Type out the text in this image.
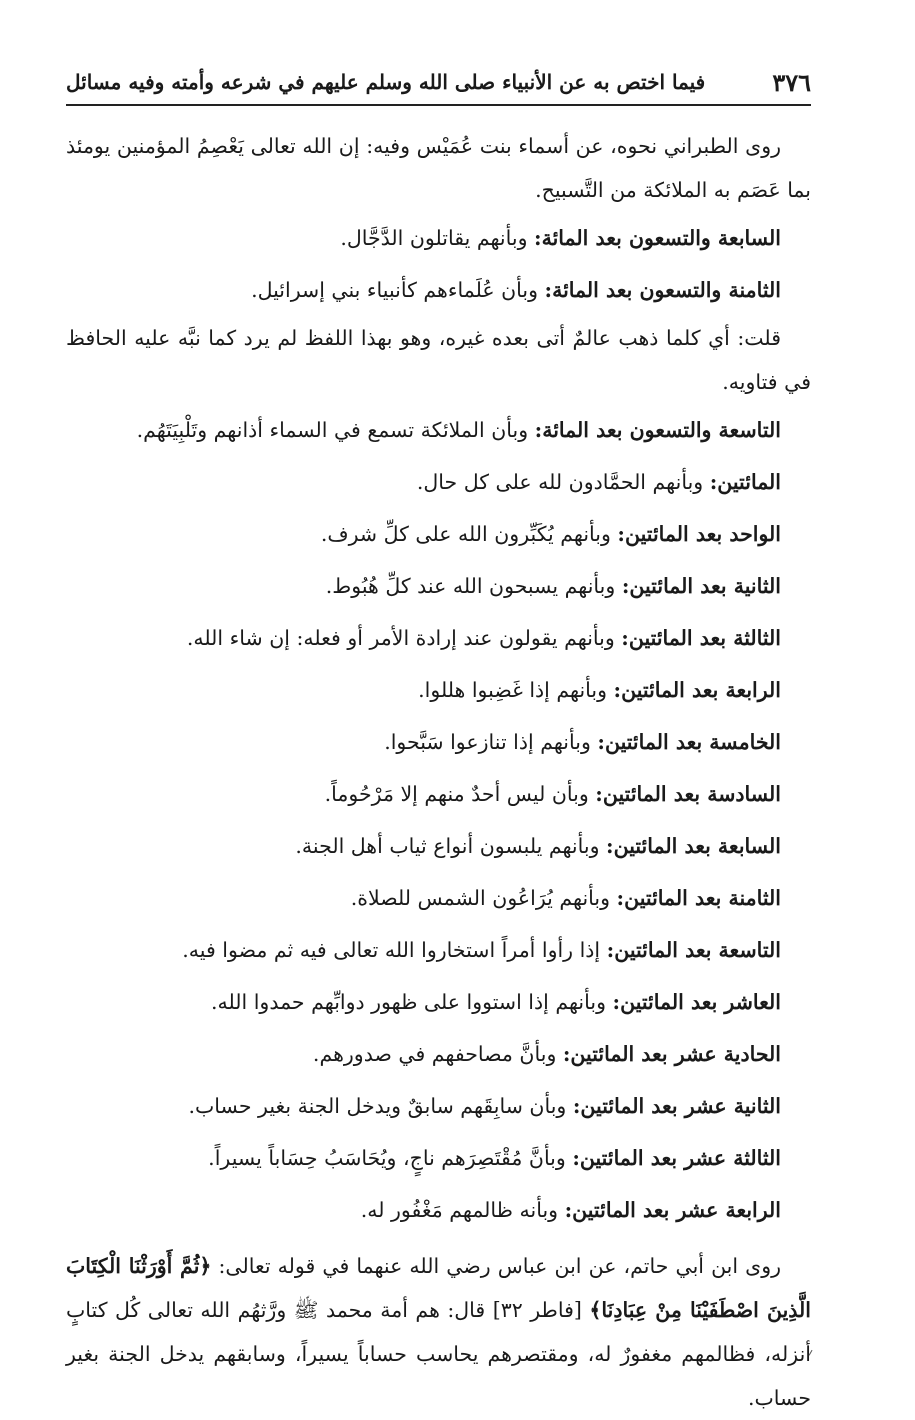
٣٧٦
فيما اختص به عن الأنبياء صلى الله وسلم عليهم في شرعه وأمته وفيه مسائل

روى الطبراني نحوه، عن أسماء بنت عُمَيْس وفيه: إن الله تعالى يَعْصِمُ المؤمنين يومئذ بما عَصَم به الملائكة من التَّسبيح.

السابعة والتسعون بعد المائة: وبأنهم يقاتلون الدَّجَّال.

الثامنة والتسعون بعد المائة: وبأن عُلَماءهم كأنبياء بني إسرائيل.

قلت: أي كلما ذهب عالمٌ أتى بعده غيره، وهو بهذا اللفظ لم يرد كما نبَّه عليه الحافظ في فتاويه.

التاسعة والتسعون بعد المائة: وبأن الملائكة تسمع في السماء أذانهم وتَلْبِيَتَهُم.

المائتين: وبأنهم الحمَّادون لله على كل حال.

الواحد بعد المائتين: وبأنهم يُكَبِّرون الله على كلِّ شرف.

الثانية بعد المائتين: وبأنهم يسبحون الله عند كلِّ هُبُوط.

الثالثة بعد المائتين: وبأنهم يقولون عند إرادة الأمر أو فعله: إن شاء الله.

الرابعة بعد المائتين: وبأنهم إذا غَضِبوا هللوا.

الخامسة بعد المائتين: وبأنهم إذا تنازعوا سَبَّحوا.

السادسة بعد المائتين: وبأن ليس أحدٌ منهم إلا مَرْحُوماً.

السابعة بعد المائتين: وبأنهم يلبسون أنواع ثياب أهل الجنة.

الثامنة بعد المائتين: وبأنهم يُرَاعُون الشمس للصلاة.

التاسعة بعد المائتين: إذا رأوا أمراً استخاروا الله تعالى فيه ثم مضوا فيه.

العاشر بعد المائتين: وبأنهم إذا استووا على ظهور دوابِّهم حمدوا الله.

الحادية عشر بعد المائتين: وبأنَّ مصاحفهم في صدورهم.

الثانية عشر بعد المائتين: وبأن سابِقَهم سابقٌ ويدخل الجنة بغير حساب.

الثالثة عشر بعد المائتين: وبأنَّ مُقْتَصِرَهم ناجٍ، ويُحَاسَبُ حِسَاباً يسيراً.

الرابعة عشر بعد المائتين: وبأنه ظالمهم مَغْفُور له.

روى ابن أبي حاتم، عن ابن عباس رضي الله عنهما في قوله تعالى: ﴿ثُمَّ أَوْرَثْنَا الْكِتَابَ الَّذِينَ اصْطَفَيْنَا مِنْ عِبَادِنَا﴾ [فاطر ٣٢] قال: هم أمة محمد ﷺ ورَّثهُم الله تعالى كُل كتابٍ أنزله، فظالمهم مغفورٌ له، ومقتصرهم يحاسب حساباً يسيراً، وسابقهم يدخل الجنة بغير حساب.
